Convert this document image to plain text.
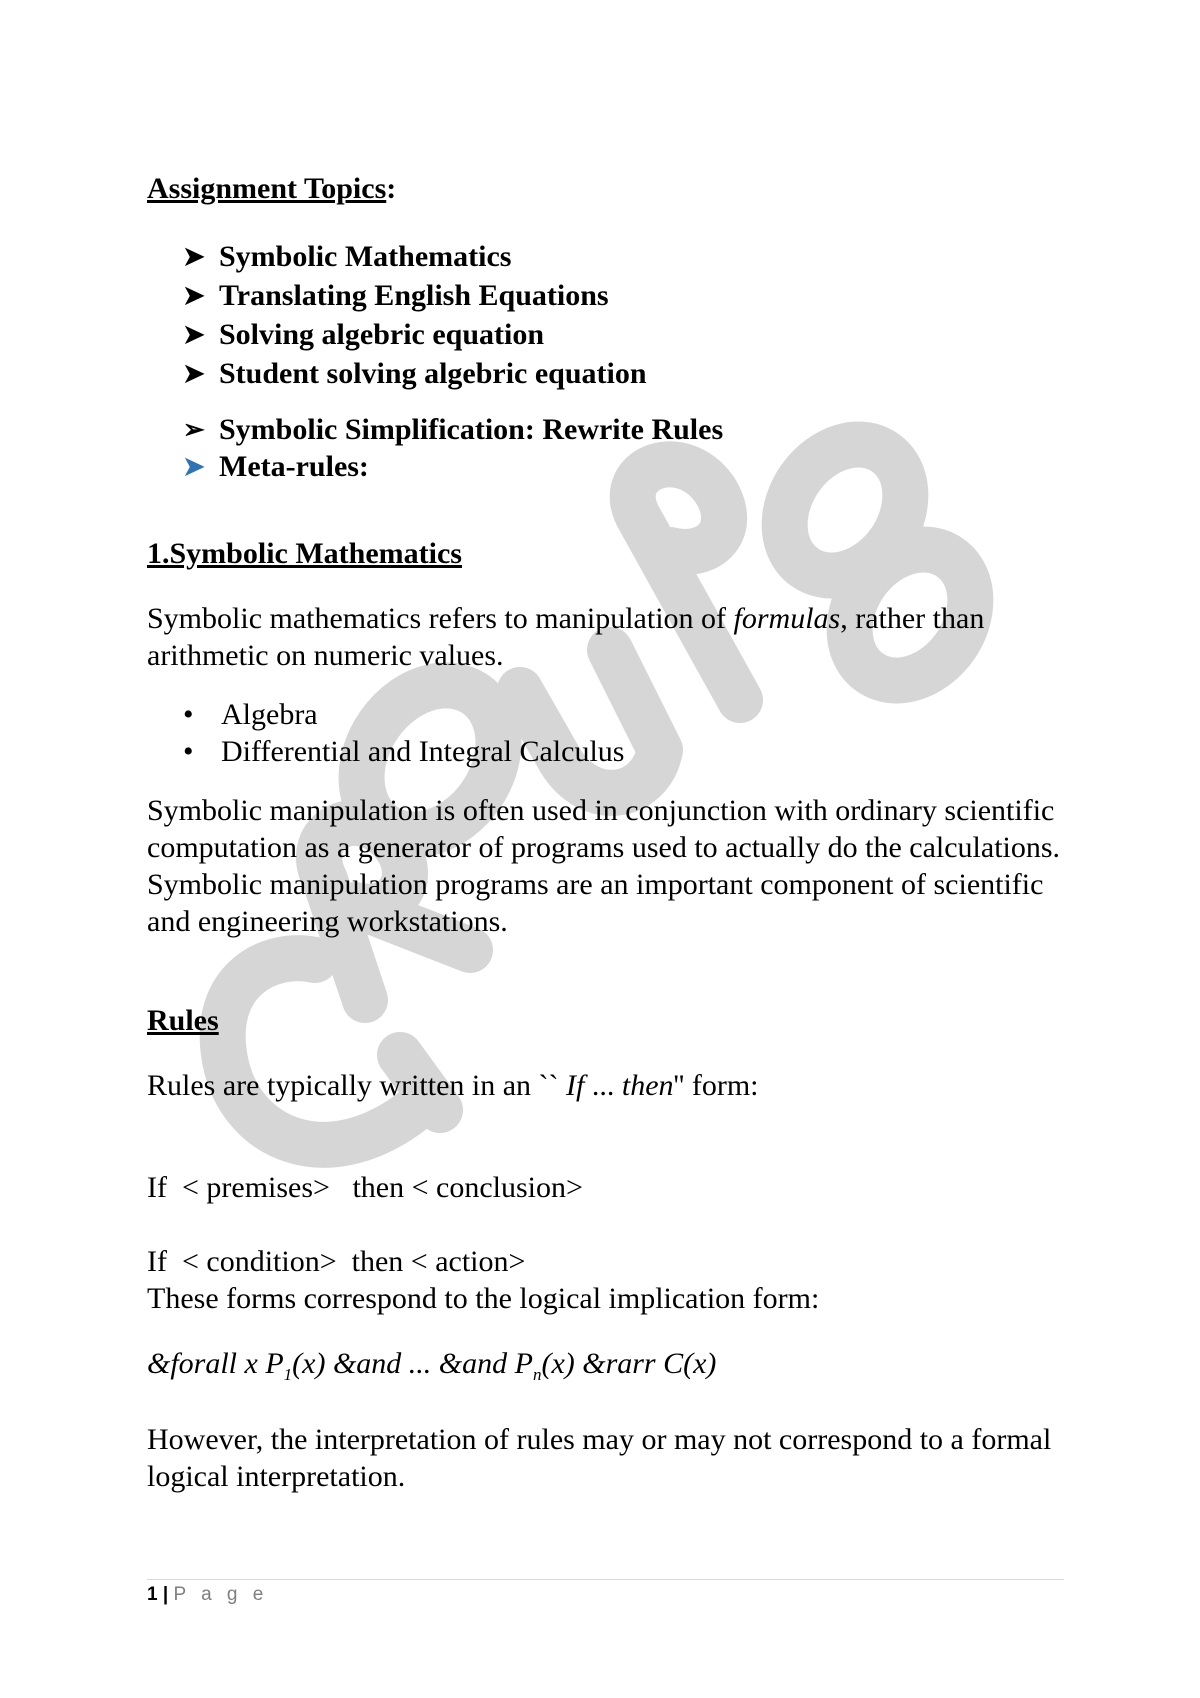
Assignment Topics:
➤ Symbolic Mathematics
➤ Translating English Equations
➤ Solving algebric equation
➤ Student solving algebric equation
➢ Symbolic Simplification: Rewrite Rules
➤ Meta-rules:

1.Symbolic Mathematics

Symbolic mathematics refers to manipulation of formulas, rather than arithmetic on numeric values.

• Algebra
• Differential and Integral Calculus

Symbolic manipulation is often used in conjunction with ordinary scientific computation as a generator of programs used to actually do the calculations. Symbolic manipulation programs are an important component of scientific and engineering workstations.

Rules

Rules are typically written in an `` If ... then'' form:

If  < premises>   then < conclusion>

If  < condition>  then < action>

These forms correspond to the logical implication form:

&forall x $P_1(x)$ &and ... &and $P_n(x)$ &rarr C(x)

However, the interpretation of rules may or may not correspond to a formal logical interpretation.

1 | P a g e
